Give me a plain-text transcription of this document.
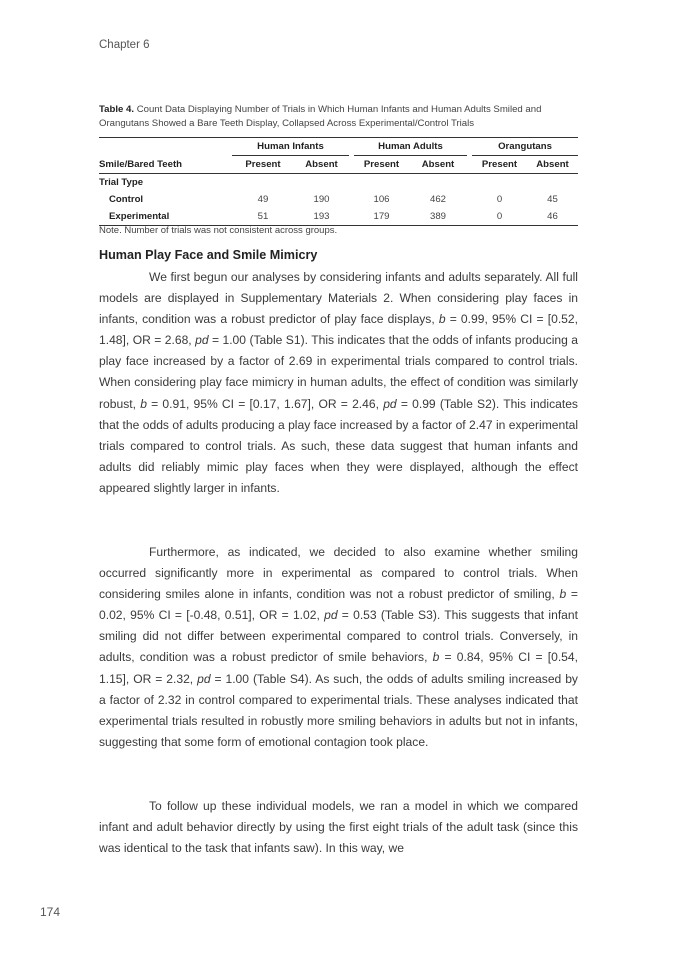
Chapter 6
Table 4. Count Data Displaying Number of Trials in Which Human Infants and Human Adults Smiled and Orangutans Showed a Bare Teeth Display, Collapsed Across Experimental/Control Trials
	Human Infants			Human Adults			Orangutans	
Smile/Bared Teeth	Present	Absent		Present	Absent		Present	Absent
Trial Type								
Control	49	190		106	462		0	45
Experimental	51	193		179	389		0	46
Note. Number of trials was not consistent across groups.
Human Play Face and Smile Mimicry

We first begun our analyses by considering infants and adults separately. All full models are displayed in Supplementary Materials 2. When considering play faces in infants, condition was a robust predictor of play face displays, b = 0.99, 95% CI = [0.52, 1.48], OR = 2.68, pd = 1.00 (Table S1). This indicates that the odds of infants producing a play face increased by a factor of 2.69 in experimental trials compared to control trials. When considering play face mimicry in human adults, the effect of condition was similarly robust, b = 0.91, 95% CI = [0.17, 1.67], OR = 2.46, pd = 0.99 (Table S2). This indicates that the odds of adults producing a play face increased by a factor of 2.47 in experimental trials compared to control trials. As such, these data suggest that human infants and adults did reliably mimic play faces when they were displayed, although the effect appeared slightly larger in infants.

Furthermore, as indicated, we decided to also examine whether smiling occurred significantly more in experimental as compared to control trials. When considering smiles alone in infants, condition was not a robust predictor of smiling, b = 0.02, 95% CI = [-0.48, 0.51], OR = 1.02, pd = 0.53 (Table S3). This suggests that infant smiling did not differ between experimental compared to control trials. Conversely, in adults, condition was a robust predictor of smile behaviors, b = 0.84, 95% CI = [0.54, 1.15], OR = 2.32, pd = 1.00 (Table S4). As such, the odds of adults smiling increased by a factor of 2.32 in control compared to experimental trials. These analyses indicated that experimental trials resulted in robustly more smiling behaviors in adults but not in infants, suggesting that some form of emotional contagion took place.

To follow up these individual models, we ran a model in which we compared infant and adult behavior directly by using the first eight trials of the adult task (since this was identical to the task that infants saw). In this way, we

174
